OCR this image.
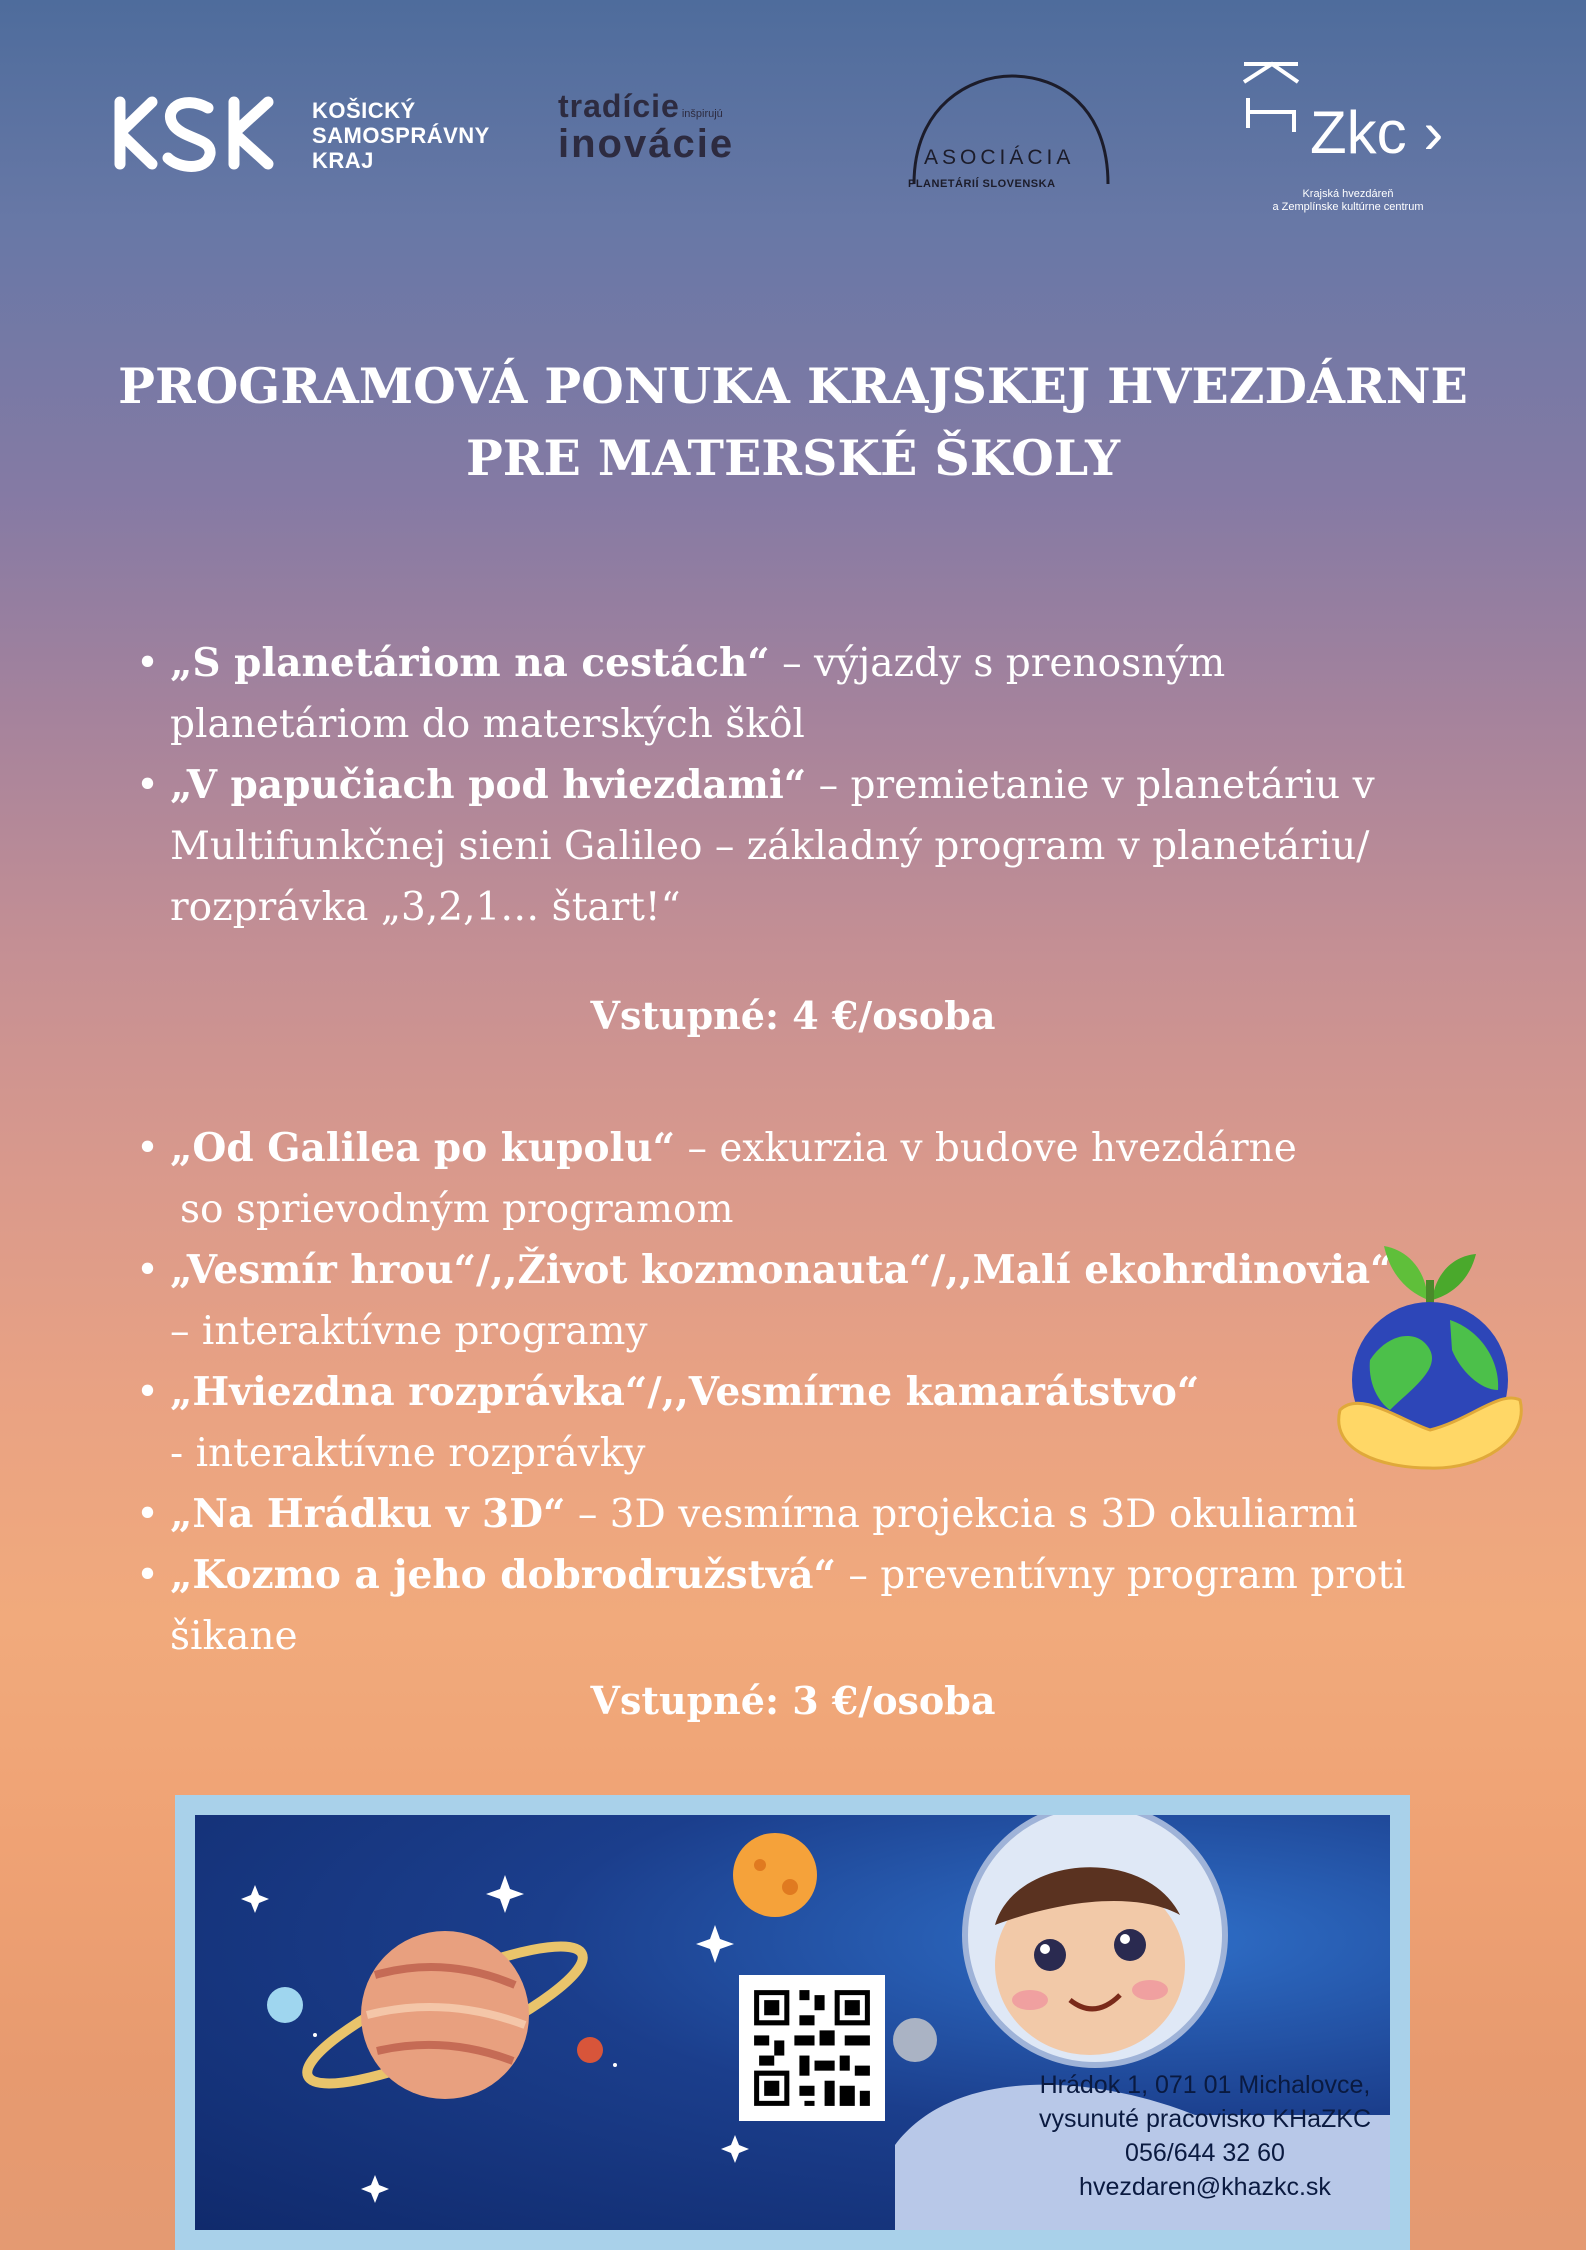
KOŠICKÝ
SAMOSPRÁVNY
KRAJ
tradície inšpirujú
inovácie	ASOCIÁCIA
PLANETÁRIÍ SLOVENSKA
Zkc ›
Krajská hvezdáreň
a Zemplínske kultúrne centrum
PROGRAMOVÁ PONUKA KRAJSKEJ HVEZDÁRNE
PRE MATERSKÉ ŠKOLY
• „S planetáriom na cestách“ – výjazdy s prenosným
planetáriom do materských škôl
• „V papučiach pod hviezdami“ – premietanie v planetáriu v
Multifunkčnej sieni Galileo – základný program v planetáriu/
rozprávka „3,2,1… štart!“
Vstupné: 4 €/osoba
• „Od Galilea po kupolu“ – exkurzia v budove hvezdárne
so sprievodným programom
• „Vesmír hrou“/,,Život kozmonauta“/,,Malí ekohrdinovia“
– interaktívne programy
• „Hviezdna rozprávka“/,,Vesmírne kamarátstvo“
- interaktívne rozprávky
• „Na Hrádku v 3D“ – 3D vesmírna projekcia s 3D okuliarmi
• „Kozmo a jeho dobrodružstvá“ – preventívny program proti šikane
Vstupné: 3 €/osoba
Hrádok 1, 071 01 Michalovce,
vysunuté pracovisko KHaZKC
056/644 32 60
hvezdaren@khazkc.sk
